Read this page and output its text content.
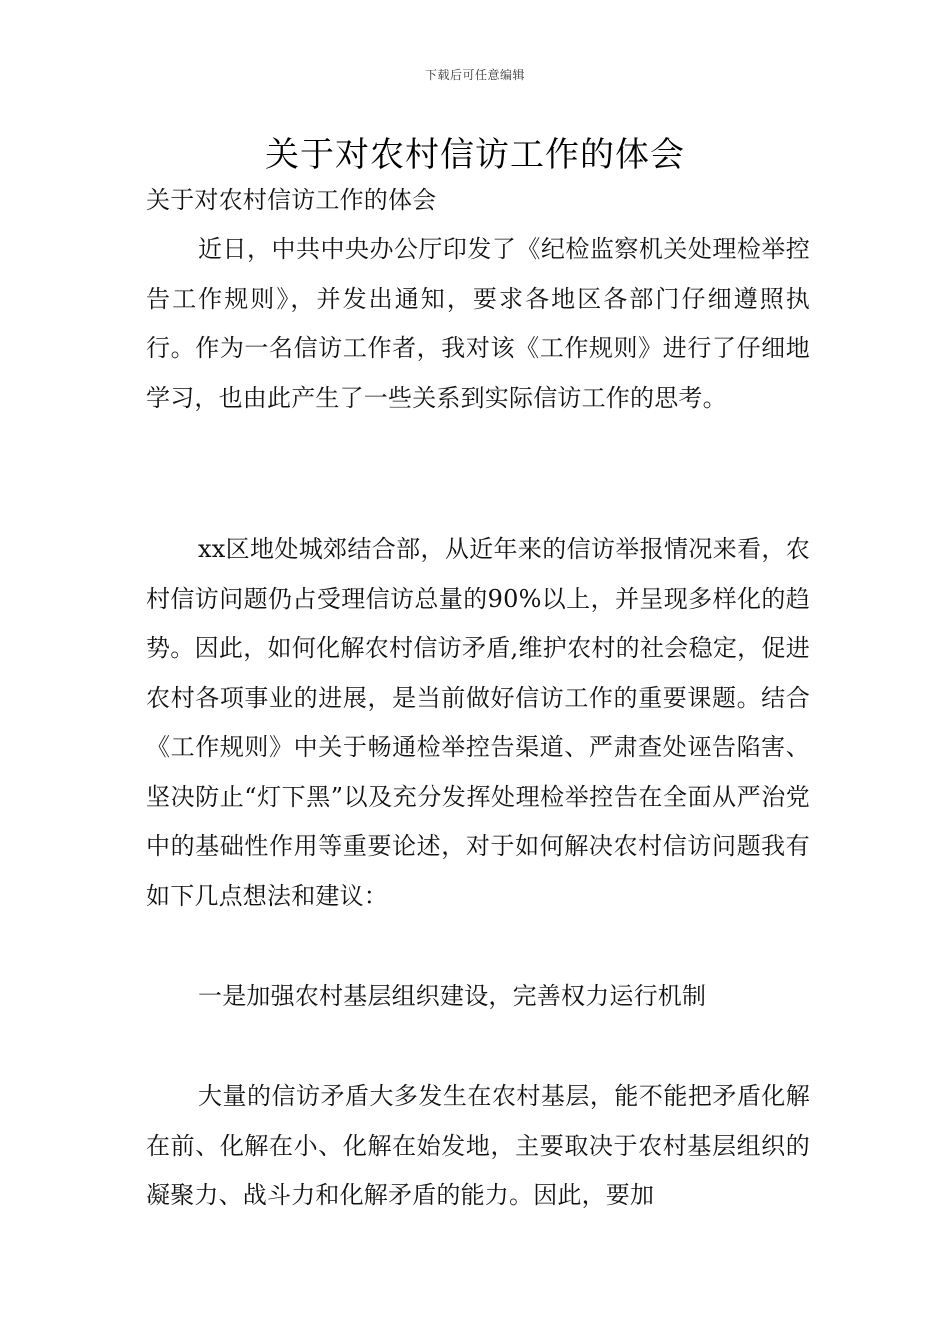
下载后可任意编辑
关于对农村信访工作的体会

关于对农村信访工作的体会

近日，中共中央办公厅印发了《纪检监察机关处理检举控告工作规则》，并发出通知，要求各地区各部门仔细遵照执行。作为一名信访工作者，我对该《工作规则》进行了仔细地学习，也由此产生了一些关系到实际信访工作的思考。

xx区地处城郊结合部，从近年来的信访举报情况来看，农村信访问题仍占受理信访总量的90%以上，并呈现多样化的趋势。因此，如何化解农村信访矛盾,维护农村的社会稳定，促进农村各项事业的进展，是当前做好信访工作的重要课题。结合《工作规则》中关于畅通检举控告渠道、严肃查处诬告陷害、坚决防止“灯下黑”以及充分发挥处理检举控告在全面从严治党中的基础性作用等重要论述，对于如何解决农村信访问题我有如下几点想法和建议：

一是加强农村基层组织建设，完善权力运行机制

大量的信访矛盾大多发生在农村基层，能不能把矛盾化解在前、化解在小、化解在始发地，主要取决于农村基层组织的凝聚力、战斗力和化解矛盾的能力。因此，要加
